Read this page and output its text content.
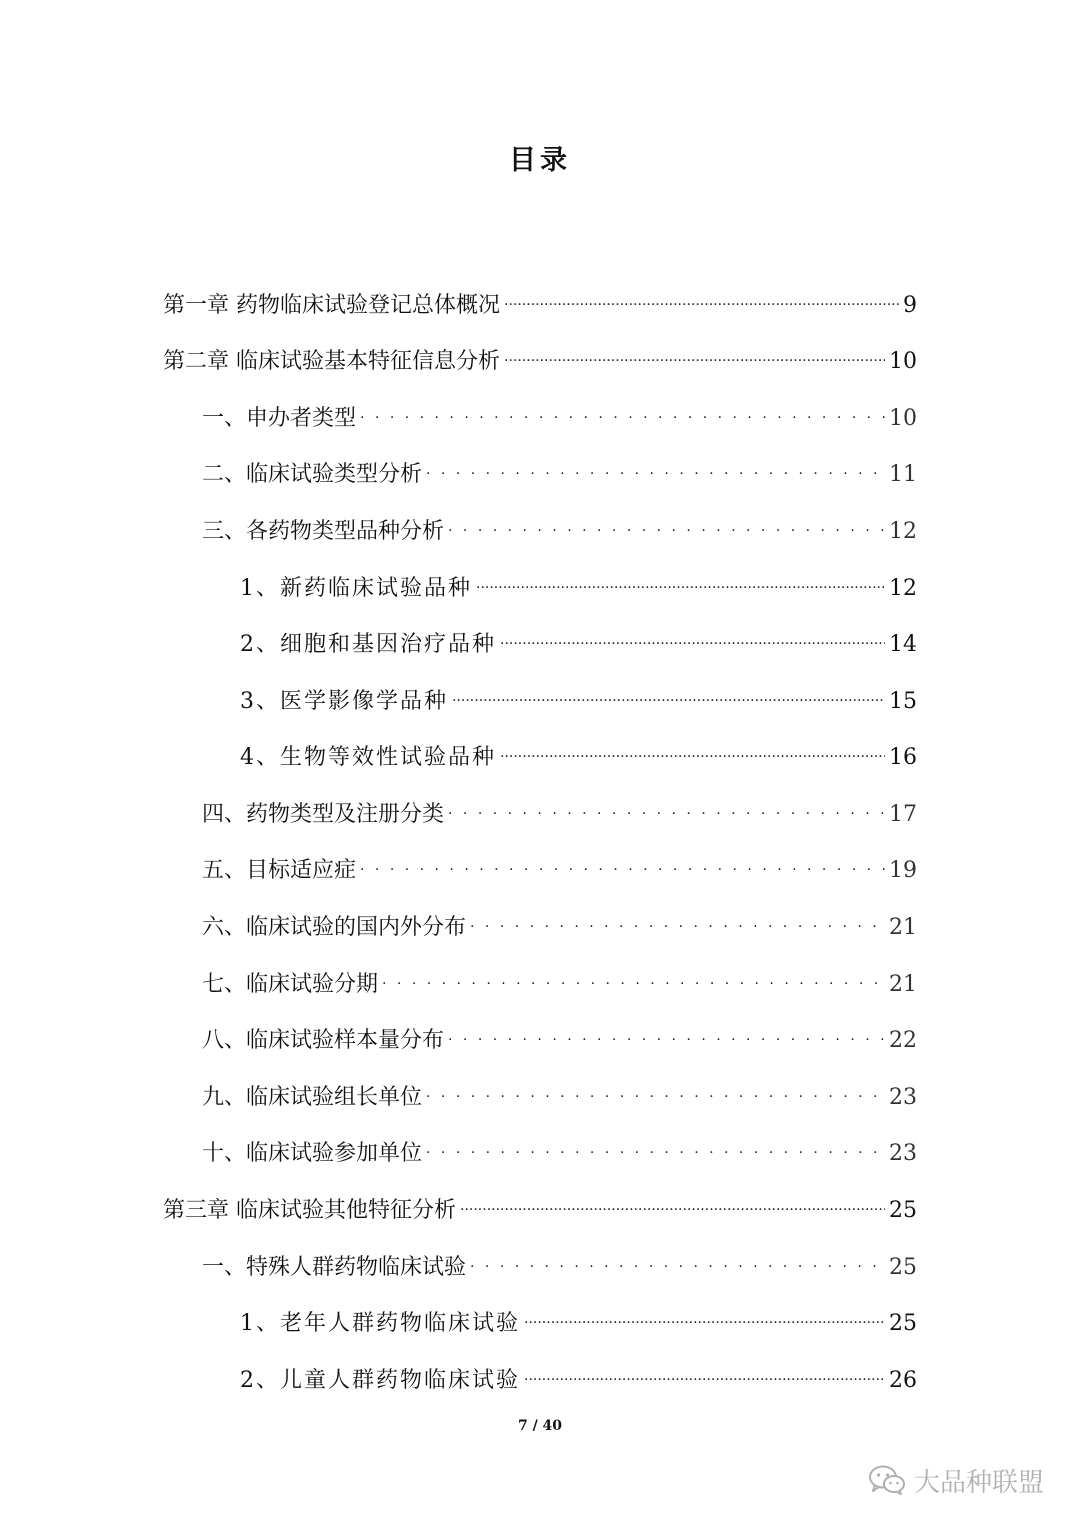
目录
第一章 药物临床试验登记总体概况 .....	9
第二章 临床试验基本特征信息分析 .....	10
一、申办者类型 . . .	10
二、临床试验类型分析 . . .	11
三、各药物类型品种分析 . . .	12
1、新药临床试验品种 .....	12
2、细胞和基因治疗品种 .....	14
3、医学影像学品种 .....	15
4、生物等效性试验品种 .....	16
四、药物类型及注册分类 . . .	17
五、目标适应症 . . .	19
六、临床试验的国内外分布 . . .	21
七、临床试验分期 . . .	21
八、临床试验样本量分布 . . .	22
九、临床试验组长单位 . . .	23
十、临床试验参加单位 . . .	23
第三章 临床试验其他特征分析 .....	25
一、特殊人群药物临床试验 . . .	25
1、老年人群药物临床试验 .....	25
2、儿童人群药物临床试验 .....	26
7 / 40
大品种联盟
